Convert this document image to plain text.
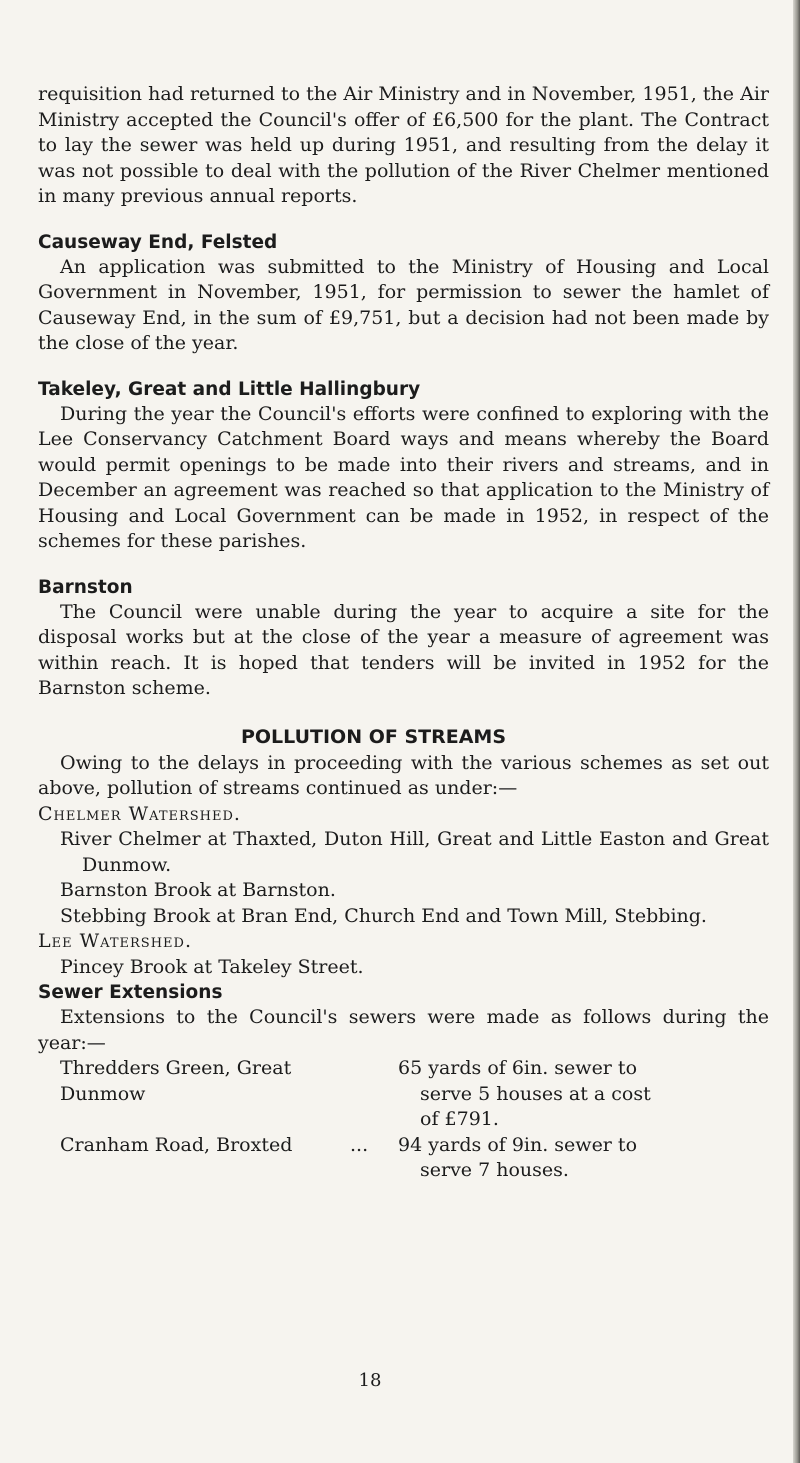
requisition had returned to the Air Ministry and in November, 1951, the Air Ministry accepted the Council's offer of £6,500 for the plant. The Contract to lay the sewer was held up during 1951, and resulting from the delay it was not possible to deal with the pollution of the River Chelmer mentioned in many previous annual reports.

Causeway End, Felsted

An application was submitted to the Ministry of Housing and Local Government in November, 1951, for permission to sewer the hamlet of Causeway End, in the sum of £9,751, but a decision had not been made by the close of the year.

Takeley, Great and Little Hallingbury

During the year the Council's efforts were confined to exploring with the Lee Conservancy Catchment Board ways and means whereby the Board would permit openings to be made into their rivers and streams, and in December an agreement was reached so that application to the Ministry of Housing and Local Government can be made in 1952, in respect of the schemes for these parishes.

Barnston

The Council were unable during the year to acquire a site for the disposal works but at the close of the year a measure of agreement was within reach. It is hoped that tenders will be invited in 1952 for the Barnston scheme.

POLLUTION OF STREAMS

Owing to the delays in proceeding with the various schemes as set out above, pollution of streams continued as under:—

Chelmer Watershed.

River Chelmer at Thaxted, Duton Hill, Great and Little Easton and Great Dunmow.

Barnston Brook at Barnston.

Stebbing Brook at Bran End, Church End and Town Mill, Stebbing.

Lee Watershed.

Pincey Brook at Takeley Street.

Sewer Extensions

Extensions to the Council's sewers were made as follows during the year:—

Thredders Green, Great Dunmow
65 yards of 6in. sewer to
serve 5 houses at a cost
of £791.
Cranham Road, Broxted	...	94 yards of 9in. sewer to
serve 7 houses.
18
